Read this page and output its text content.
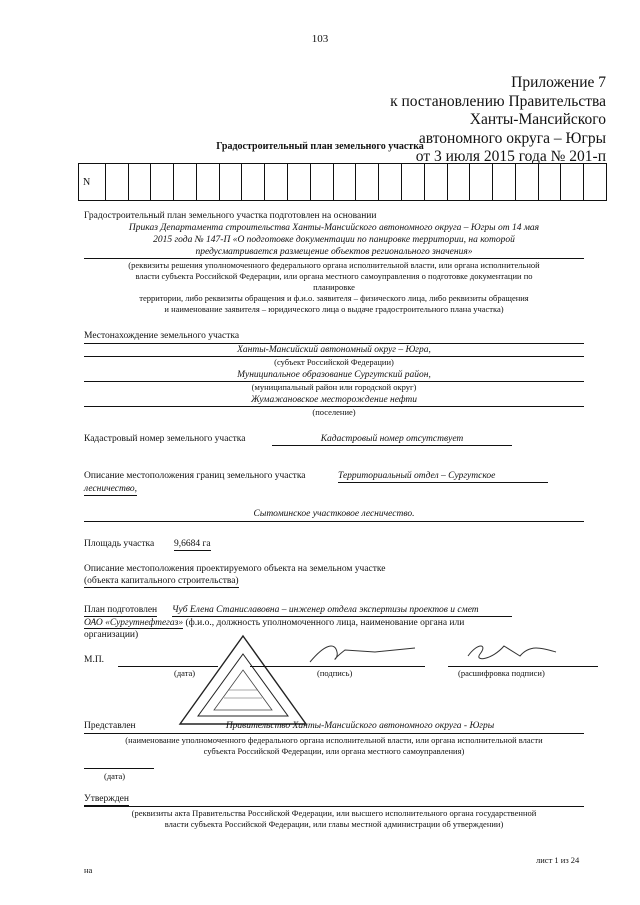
103
Приложение 7
к постановлению Правительства
Ханты-Мансийского
автономного округа – Югры
от 3 июля 2015 года № 201-п
Градостроительный план земельного участка
N
Градостроительный план земельного участка подготовлен на основании
Приказ Департамента строительства Ханты-Мансийского автономного округа – Югры от 14 мая
2015 года № 147-П «О подготовке документации по панировке территории, на которой
предусматривается размещение объектов регионального значения»
(реквизиты решения уполномоченного федерального органа исполнительной власти, или органа исполнительной
власти субъекта Российской Федерации, или органа местного самоуправления о подготовке документации по
планировке
территории, либо реквизиты обращения и ф.и.о. заявителя – физического лица, либо реквизиты обращения
и наименование заявителя – юридического лица о выдаче градостроительного плана участка)
Местонахождение земельного участка
Ханты-Мансийский автономный округ – Югра,
(субъект Российской Федерации)
Муниципальное образование Сургутский район,
(муниципальный район или городской округ)
Жумажановское месторождение нефти
(поселение)
Кадастровый номер земельного участка	Кадастровый номер отсутствует
Описание местоположения границ земельного участка	Территориальный отдел – Сургутское
лесничество,
Сытоминское участковое лесничество.
Площадь участка 9,6684 га
Описание местоположения проектируемого объекта на земельном участке
(объекта капитального строительства)
План подготовлен Чуб Елена Станиславовна – инженер отдела экспертизы проектов и смет
ОАО «Сургутнефтегаз» (ф.и.о., должность уполномоченного лица, наименование органа или
организации)
М.П.
(дата)	(подпись)	(расшифровка подписи)
Представлен	Правительство Ханты-Мансийского автономного округа - Югры
(наименование уполномоченного федерального органа исполнительной власти, или органа исполнительной власти
субъекта Российской Федерации, или органа местного самоуправления)
(дата)
Утвержден
(реквизиты акта Правительства Российской Федерации, или высшего исполнительного органа государственной
власти субъекта Российской Федерации, или главы местной администрации об утверждении)
на
лист 1 из 24
